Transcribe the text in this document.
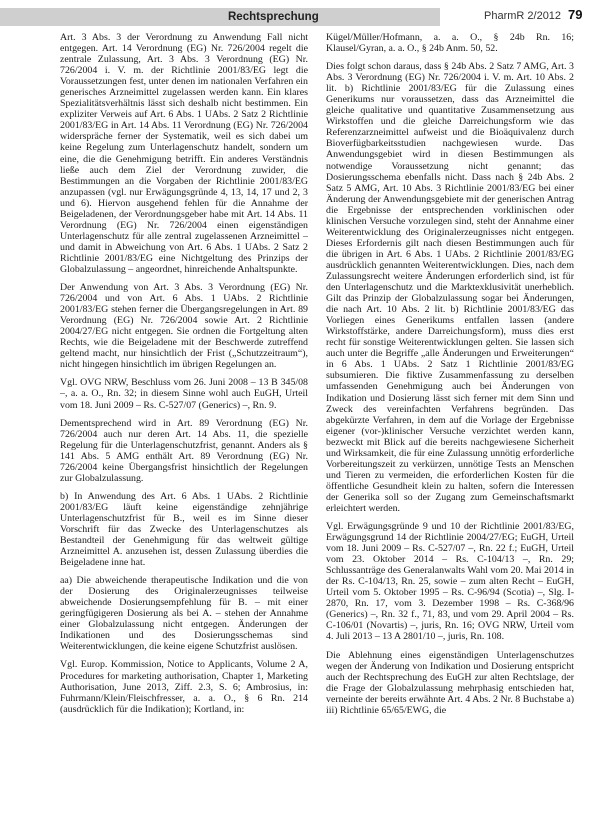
Rechtsprechung	PharmR 2/2012 79

Art. 3 Abs. 3 der Verordnung zu Anwendung Fall nicht entgegen. Art. 14 Verordnung (EG) Nr. 726/2004 regelt die zentrale Zulassung, Art. 3 Abs. 3 Verordnung (EG) Nr. 726/2004 i. V. m. der Richtlinie 2001/83/EG legt die Voraussetzungen fest, unter denen im nationalen Verfahren ein generisches Arzneimittel zugelassen werden kann. Ein klares Spezialitätsverhältnis lässt sich deshalb nicht bestimmen. Ein expliziter Verweis auf Art. 6 Abs. 1 UAbs. 2 Satz 2 Richtlinie 2001/83/EG in Art. 14 Abs. 11 Verordnung (EG) Nr. 726/2004 widerspräche ferner der Systematik, weil es sich dabei um keine Regelung zum Unterlagenschutz handelt, sondern um eine, die die Genehmigung betrifft. Ein anderes Verständnis ließe auch dem Ziel der Verordnung zuwider, die Bestimmungen an die Vorgaben der Richtlinie 2001/83/EG anzupassen (vgl. nur Erwägungsgründe 4, 13, 14, 17 und 2, 3 und 6). Hiervon ausgehend fehlen für die Annahme der Beigeladenen, der Verordnungsgeber habe mit Art. 14 Abs. 11 Verordnung (EG) Nr. 726/2004 einen eigenständigen Unterlagenschutz für alle zentral zugelassenen Arzneimittel – und damit in Abweichung von Art. 6 Abs. 1 UAbs. 2 Satz 2 Richtlinie 2001/83/EG eine Nichtgeltung des Prinzips der Globalzulassung – angeordnet, hinreichende Anhaltspunkte.

Der Anwendung von Art. 3 Abs. 3 Verordnung (EG) Nr. 726/2004 und von Art. 6 Abs. 1 UAbs. 2 Richtlinie 2001/83/EG stehen ferner die Übergangsregelungen in Art. 89 Verordnung (EG) Nr. 726/2004 sowie Art. 2 Richtlinie 2004/27/EG nicht entgegen. Sie ordnen die Fortgeltung alten Rechts, wie die Beigeladene mit der Beschwerde zutreffend geltend macht, nur hinsichtlich der Frist („Schutzzeitraum“), nicht hingegen hinsichtlich im übrigen Regelungen an.

Vgl. OVG NRW, Beschluss vom 26. Juni 2008 – 13 B 345/08 –, a. a. O., Rn. 32; in diesem Sinne wohl auch EuGH, Urteil vom 18. Juni 2009 – Rs. C-527/07 (Generics) –, Rn. 9.

Dementsprechend wird in Art. 89 Verordnung (EG) Nr. 726/2004 auch nur deren Art. 14 Abs. 11, die spezielle Regelung für die Unterlagenschutzfrist, genannt. Anders als § 141 Abs. 5 AMG enthält Art. 89 Verordnung (EG) Nr. 726/2004 keine Übergangsfrist hinsichtlich der Regelungen zur Globalzulassung.

b) In Anwendung des Art. 6 Abs. 1 UAbs. 2 Richtlinie 2001/83/EG läuft keine eigenständige zehnjährige Unterlagenschutzfrist für B., weil es im Sinne dieser Vorschrift für das Zwecke des Unterlagenschutzes als Bestandteil der Genehmigung für das weltweit gültige Arzneimittel A. anzusehen ist, dessen Zulassung überdies die Beigeladene inne hat.

aa) Die abweichende therapeutische Indikation und die von der Dosierung des Originalerzeugnisses teilweise abweichende Dosierungsempfehlung für B. – mit einer geringfügigeren Dosierung als bei A. – stehen der Annahme einer Globalzulassung nicht entgegen. Änderungen der Indikationen und des Dosierungsschemas sind Weiterentwicklungen, die keine eigene Schutzfrist auslösen.

Vgl. Europ. Kommission, Notice to Applicants, Volume 2 A, Procedures for marketing authorisation, Chapter 1, Marketing Authorisation, June 2013, Ziff. 2.3, S. 6; Ambrosius, in: Fuhrmann/Klein/Fleischfresser, a. a. O., § 6 Rn. 214 (ausdrücklich für die Indikation); Kortland, in:

Kügel/Müller/Hofmann, a. a. O., § 24b Rn. 16; Klausel/Gyran, a. a. O., § 24b Anm. 50, 52.

Dies folgt schon daraus, dass § 24b Abs. 2 Satz 7 AMG, Art. 3 Abs. 3 Verordnung (EG) Nr. 726/2004 i. V. m. Art. 10 Abs. 2 lit. b) Richtlinie 2001/83/EG für die Zulassung eines Generikums nur voraussetzen, dass das Arzneimittel die gleiche qualitative und quantitative Zusammensetzung aus Wirkstoffen und die gleiche Darreichungsform wie das Referenzarzneimittel aufweist und die Bioäquivalenz durch Bioverfügbarkeitsstudien nachgewiesen wurde. Das Anwendungsgebiet wird in diesen Bestimmungen als notwendige Voraussetzung nicht genannt; das Dosierungsschema ebenfalls nicht. Dass nach § 24b Abs. 2 Satz 5 AMG, Art. 10 Abs. 3 Richtlinie 2001/83/EG bei einer Änderung der Anwendungsgebiete mit der generischen Antrag die Ergebnisse der entsprechenden vorklinischen oder klinischen Versuche vorzulegen sind, steht der Annahme einer Weiterentwicklung des Originalerzeugnisses nicht entgegen. Dieses Erfordernis gilt nach diesen Bestimmungen auch für die übrigen in Art. 6 Abs. 1 UAbs. 2 Richtlinie 2001/83/EG ausdrücklich genannten Weiterentwicklungen. Dies, nach dem Zulassungsrecht weitere Änderungen erforderlich sind, ist für den Unterlagenschutz und die Marktexklusivität unerheblich. Gilt das Prinzip der Globalzulassung sogar bei Änderungen, die nach Art. 10 Abs. 2 lit. b) Richtlinie 2001/83/EG das Vorliegen eines Generikums entfallen lassen (andere Wirkstoffstärke, andere Darreichungsform), muss dies erst recht für sonstige Weiterentwicklungen gelten. Sie lassen sich auch unter die Begriffe „alle Änderungen und Erweiterungen“ in 6 Abs. 1 UAbs. 2 Satz 1 Richtlinie 2001/83/EG subsumieren. Die fiktive Zusammenfassung zu derselben umfassenden Genehmigung auch bei Änderungen von Indikation und Dosierung lässt sich ferner mit dem Sinn und Zweck des vereinfachten Verfahrens begründen. Das abgekürzte Verfahren, in dem auf die Vorlage der Ergebnisse eigener (vor-)klinischer Versuche verzichtet werden kann, bezweckt mit Blick auf die bereits nachgewiesene Sicherheit und Wirksamkeit, die für eine Zulassung unnötig erforderliche Vorbereitungszeit zu verkürzen, unnötige Tests an Menschen und Tieren zu vermeiden, die erforderlichen Kosten für die öffentliche Gesundheit klein zu halten, sofern die Interessen der Generika soll so der Zugang zum Gemeinschaftsmarkt erleichtert werden.

Vgl. Erwägungsgründe 9 und 10 der Richtlinie 2001/83/EG, Erwägungsgrund 14 der Richtlinie 2004/27/EG; EuGH, Urteil vom 18. Juni 2009 – Rs. C-527/07 –, Rn. 22 f.; EuGH, Urteil vom 23. Oktober 2014 – Rs. C-104/13 –, Rn. 29; Schlussanträge des Generalanwalts Wahl vom 20. Mai 2014 in der Rs. C-104/13, Rn. 25, sowie – zum alten Recht – EuGH, Urteil vom 5. Oktober 1995 – Rs. C-96/94 (Scotia) –, Slg. I-2870, Rn. 17, vom 3. Dezember 1998 – Rs. C-368/96 (Generics) –, Rn. 32 f., 71, 83, und vom 29. April 2004 – Rs. C-106/01 (Novartis) –, juris, Rn. 16; OVG NRW, Urteil vom 4. Juli 2013 – 13 A 2801/10 –, juris, Rn. 108.

Die Ablehnung eines eigenständigen Unterlagenschutzes wegen der Änderung von Indikation und Dosierung entspricht auch der Rechtsprechung des EuGH zur alten Rechtslage, der die Frage der Globalzulassung mehrphasig entschieden hat, verneinte der bereits erwähnte Art. 4 Abs. 2 Nr. 8 Buchstabe a) iii) Richtlinie 65/65/EWG, die
